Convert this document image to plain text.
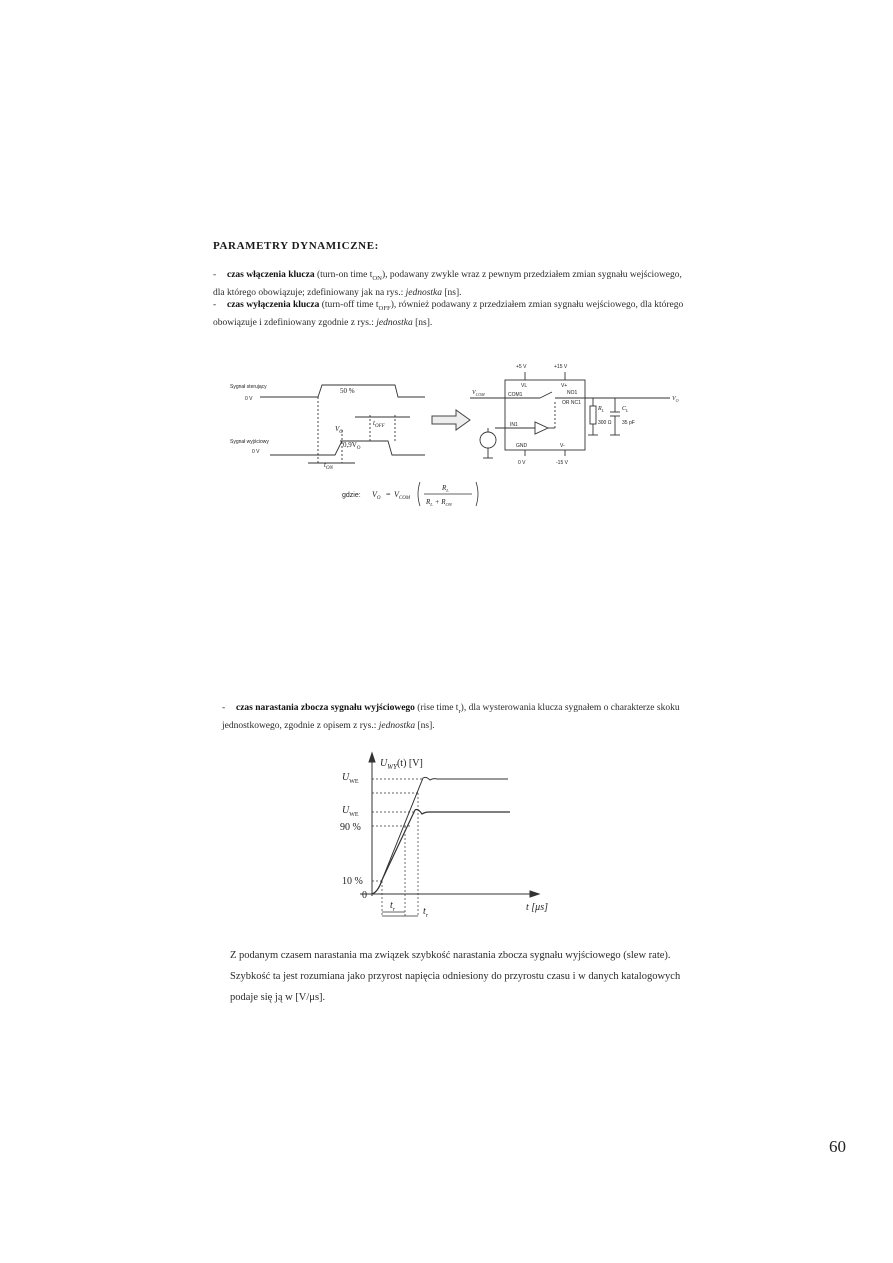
PARAMETRY DYNAMICZNE:
- czas włączenia klucza (turn-on time $t_{ON}$), podawany zwykle wraz z pewnym przedziałem zmian sygnału wejściowego, dla którego obowiązuje; zdefiniowany jak na rys.: jednostka [ns].
- czas wyłączenia klucza (turn-off time $t_{OFF}$), również podawany z przedziałem zmian sygnału wejściowego, dla którego obowiązuje i zdefiniowany zgodnie z rys.: jednostka [ns].
Sygnał sterujący
0 V
Sygnał wyjściowy
0 V
50 %
$V_O$
$0,9V_O$
$t_{OFF}$
$t_{ON}$
+5 V	+15 V
VL	V+
COM1	NO1
OR NC1
IN1
GND	V-
0 V	-15 V
300 Ω 35 pF
$V_{COM}$
$V_O$
$R_L$	$C_L$
gdzie: $V_O = V_{COM}$
$R_L$
$R_L + R_{ON}$
- czas narastania zbocza sygnału wyjściowego (rise time $t_r$), dla wysterowania klucza sygnałem o charakterze skoku jednostkowego, zgodnie z opisem z rys.: jednostka [ns].
$U_{WY}(t)$ [V]
$U_{WE}$
$U_{WE}$
90 %
10 %
0
t [μs]
$t_r$	$t_r$
Z podanym czasem narastania ma związek szybkość narastania zbocza sygnału wyjściowego (slew rate).
Szybkość ta jest rozumiana jako przyrost napięcia odniesiony do przyrostu czasu i w danych katalogowych podaje się ją w [V/μs].
60
